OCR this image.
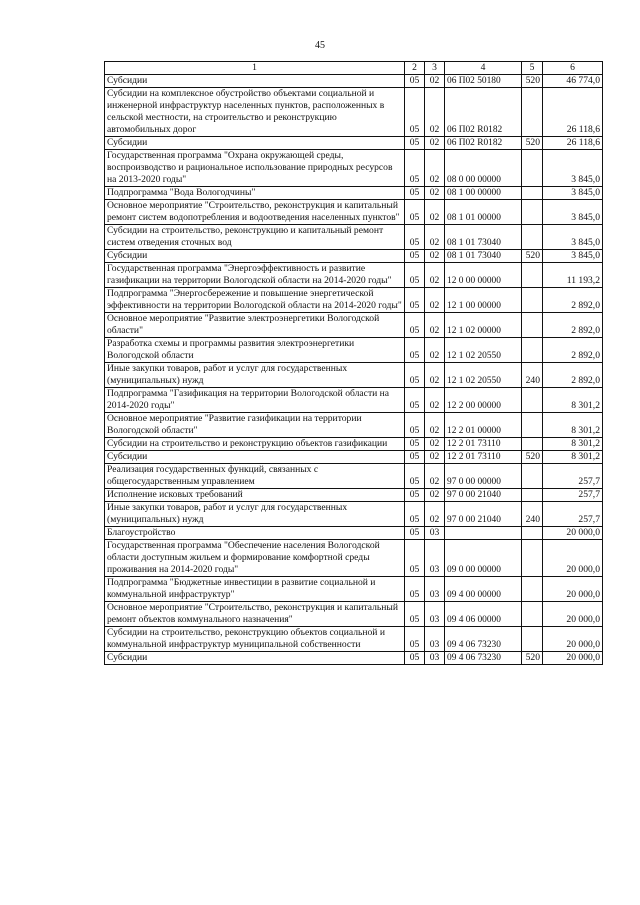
45
1	2	3	4	5	6
Субсидии	05	02	06 П02 50180	520	46 774,0
Субсидии на комплексное обустройство объектами социальной и инженерной инфраструктур населенных пунктов, расположенных в сельской местности, на строительство и реконструкцию автомобильных дорог	05	02	06 П02 R0182		26 118,6
Субсидии	05	02	06 П02 R0182	520	26 118,6
Государственная программа "Охрана окружающей среды, воспроизводство и рациональное использование природных ресурсов на 2013-2020 годы"	05	02	08 0 00 00000		3 845,0
Подпрограмма "Вода Вологодчины"	05	02	08 1 00 00000		3 845,0
Основное мероприятие "Строительство, реконструкция и капитальный ремонт систем водопотребления и водоотведения населенных пунктов"	05	02	08 1 01 00000		3 845,0
Субсидии на строительство, реконструкцию и капитальный ремонт систем отведения сточных вод	05	02	08 1 01 73040		3 845,0
Субсидии	05	02	08 1 01 73040	520	3 845,0
Государственная программа "Энергоэффективность и развитие газификации на территории Вологодской области на 2014-2020 годы"	05	02	12 0 00 00000		11 193,2
Подпрограмма "Энергосбережение и повышение энергетической эффективности на территории Вологодской области на 2014-2020 годы"	05	02	12 1 00 00000		2 892,0
Основное мероприятие "Развитие электроэнергетики Вологодской области"	05	02	12 1 02 00000		2 892,0
Разработка схемы и программы развития электроэнергетики Вологодской области	05	02	12 1 02 20550		2 892,0
Иные закупки товаров, работ и услуг для государственных (муниципальных) нужд	05	02	12 1 02 20550	240	2 892,0
Подпрограмма "Газификация на территории Вологодской области на 2014-2020 годы"	05	02	12 2 00 00000		8 301,2
Основное мероприятие "Развитие газификации на территории Вологодской области"	05	02	12 2 01 00000		8 301,2
Субсидии на строительство и реконструкцию объектов газификации	05	02	12 2 01 73110		8 301,2
Субсидии	05	02	12 2 01 73110	520	8 301,2
Реализация государственных функций, связанных с общегосударственным управлением	05	02	97 0 00 00000		257,7
Исполнение исковых требований	05	02	97 0 00 21040		257,7
Иные закупки товаров, работ и услуг для государственных (муниципальных) нужд	05	02	97 0 00 21040	240	257,7
Благоустройство	05	03			20 000,0
Государственная программа "Обеспечение населения Вологодской области доступным жильем и формирование комфортной среды проживания на 2014-2020 годы"	05	03	09 0 00 00000		20 000,0
Подпрограмма "Бюджетные инвестиции в развитие социальной и коммунальной инфраструктур"	05	03	09 4 00 00000		20 000,0
Основное мероприятие "Строительство, реконструкция и капитальный ремонт объектов коммунального назначения"	05	03	09 4 06 00000		20 000,0
Субсидии на строительство, реконструкцию объектов социальной и коммунальной инфраструктур муниципальной собственности	05	03	09 4 06 73230		20 000,0
Субсидии	05	03	09 4 06 73230	520	20 000,0
